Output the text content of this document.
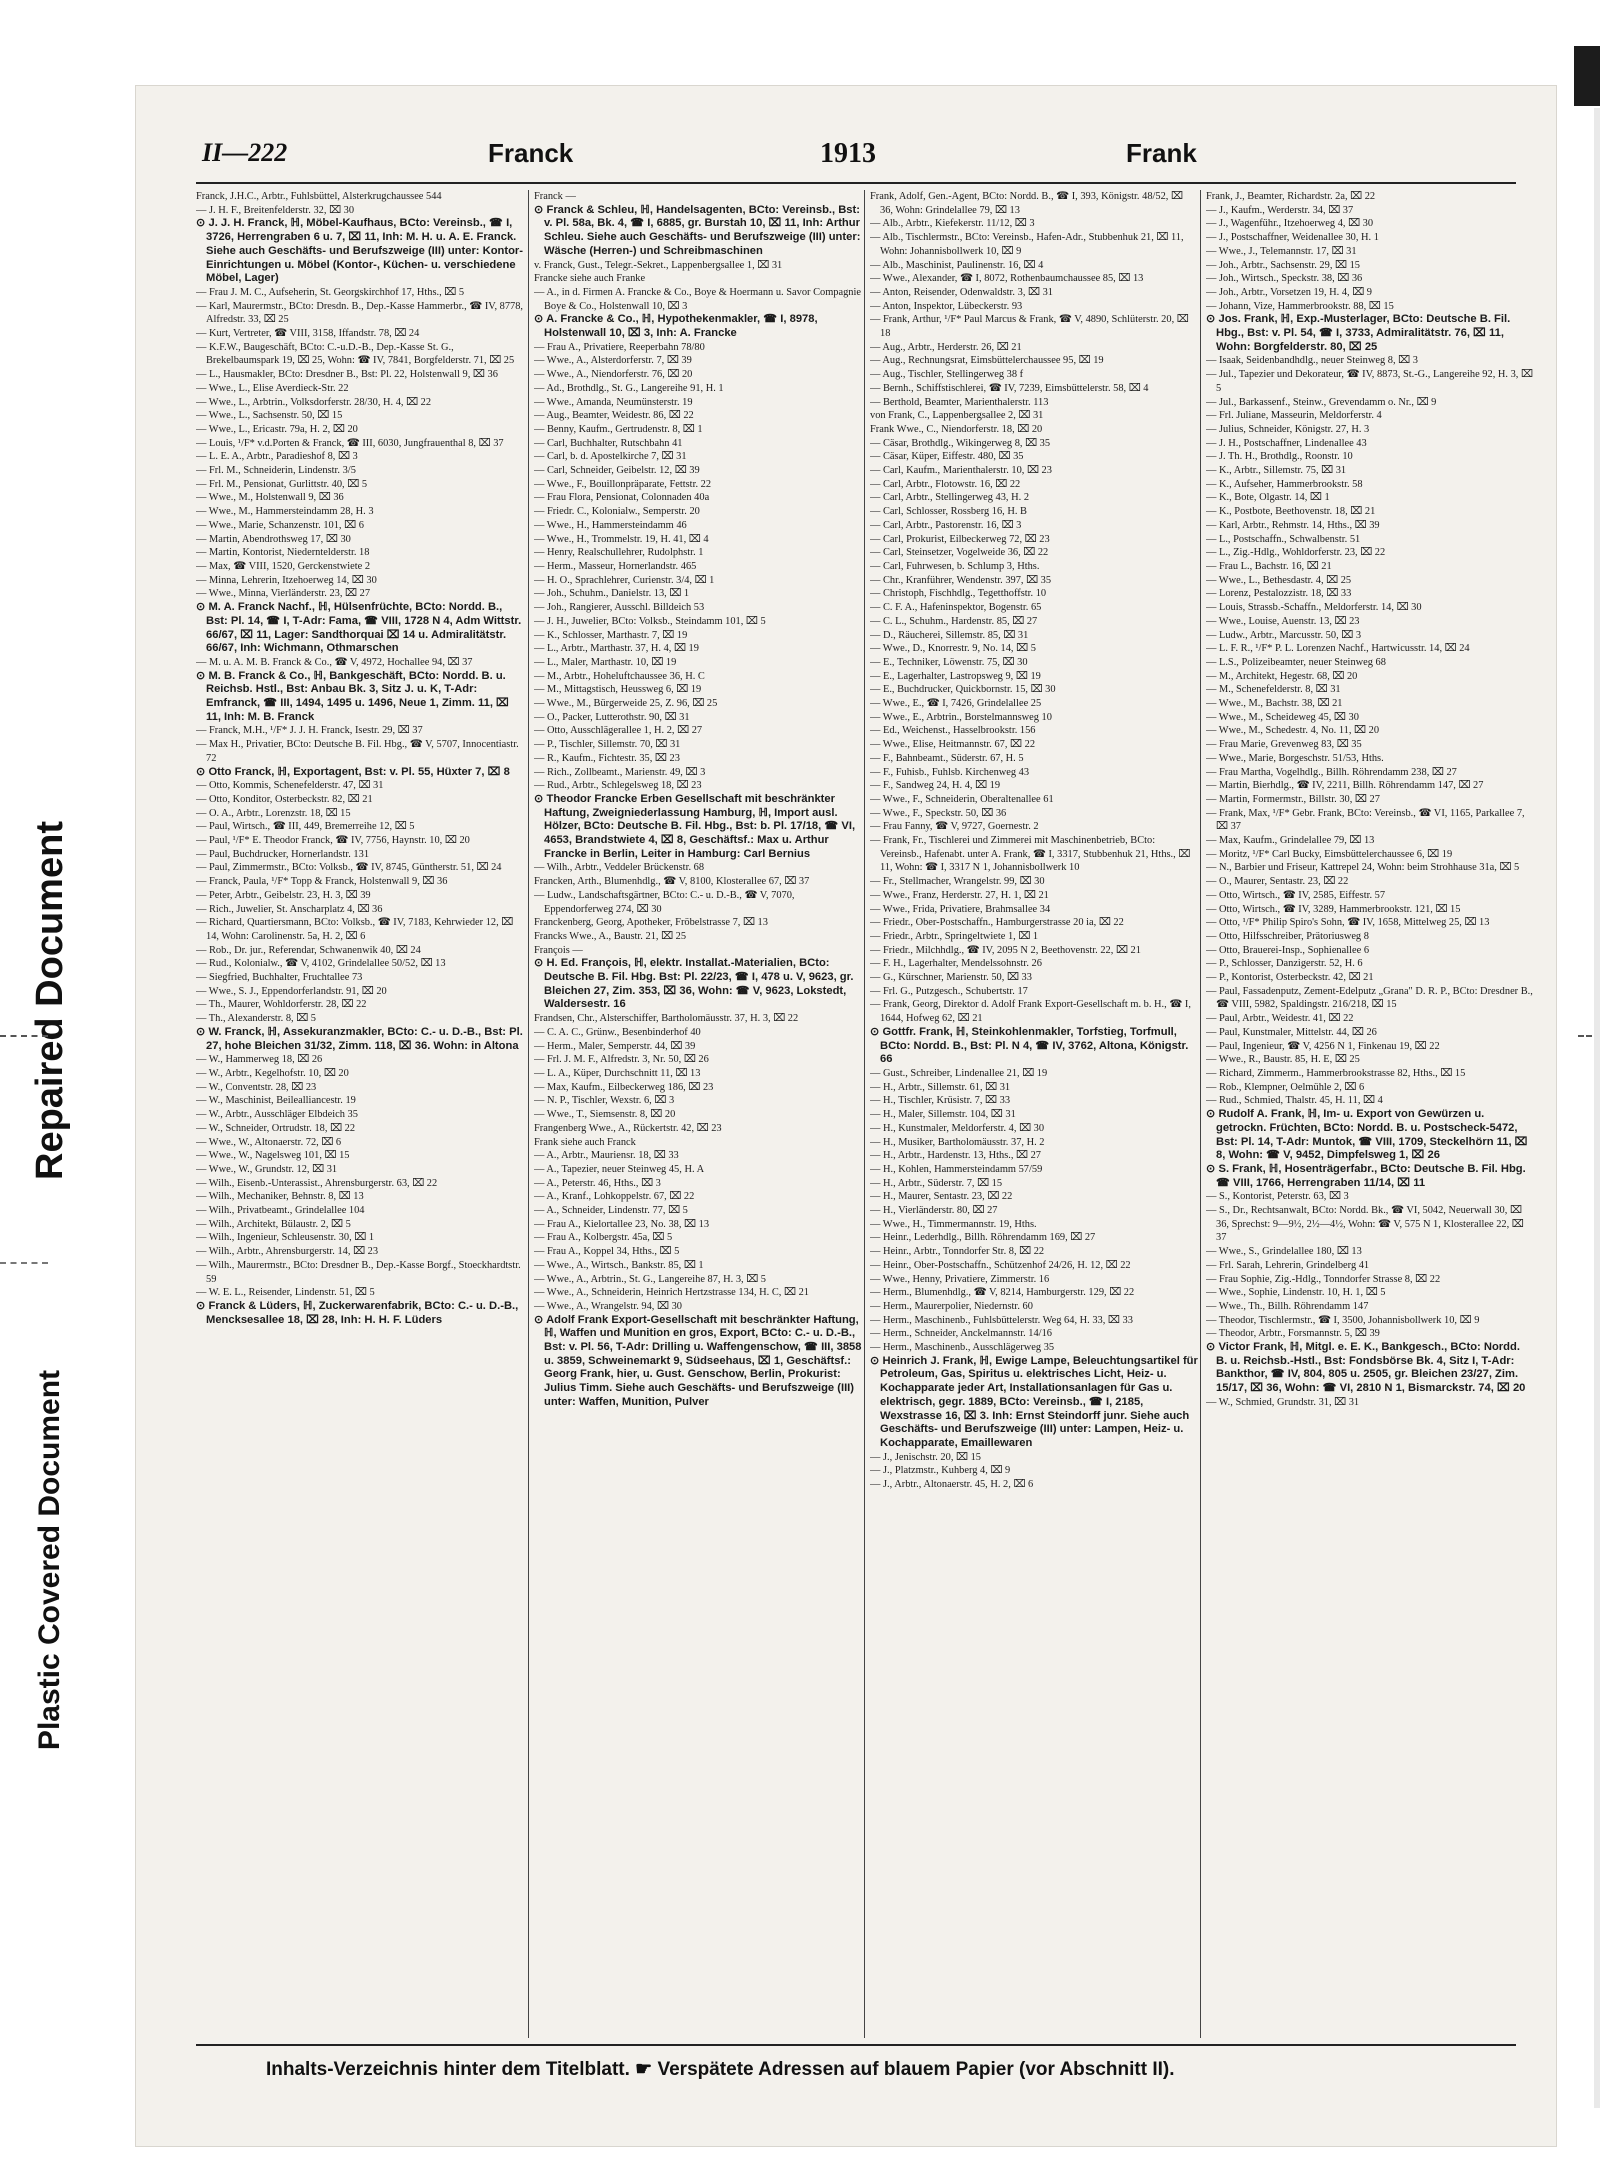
Repaired Document
Plastic Covered Document
II—222	Franck	1913	Frank

Franck, J.H.C., Arbtr., Fuhlsbüttel, Alsterkrugchaussee 544

— J. H. F., Breitenfelderstr. 32, ⌧ 30

⊙ J. J. H. Franck, ℍ, Möbel-Kaufhaus, BCto: Vereinsb., ☎ I, 3726, Herrengraben 6 u. 7, ⌧ 11, Inh: M. H. u. A. E. Franck. Siehe auch Geschäfts- und Berufszweige (III) unter: Kontor-Einrichtungen u. Möbel (Kontor-, Küchen- u. verschiedene Möbel, Lager)

— Frau J. M. C., Aufseherin, St. Georgskirchhof 17, Hths., ⌧ 5

— Karl, Maurermstr., BCto: Dresdn. B., Dep.-Kasse Hammerbr., ☎ IV, 8778, Alfredstr. 33, ⌧ 25

— Kurt, Vertreter, ☎ VIII, 3158, Iffandstr. 78, ⌧ 24

— K.F.W., Baugeschäft, BCto: C.-u.D.-B., Dep.-Kasse St. G., Brekelbaumspark 19, ⌧ 25, Wohn: ☎ IV, 7841, Borgfelderstr. 71, ⌧ 25

— L., Hausmakler, BCto: Dresdner B., Bst: Pl. 22, Holstenwall 9, ⌧ 36

— Wwe., L., Elise Averdieck-Str. 22

— Wwe., L., Arbtrin., Volksdorferstr. 28/30, H. 4, ⌧ 22

— Wwe., L., Sachsenstr. 50, ⌧ 15

— Wwe., L., Ericastr. 79a, H. 2, ⌧ 20

— Louis, ¹/F* v.d.Porten & Franck, ☎ III, 6030, Jungfrauenthal 8, ⌧ 37

— L. E. A., Arbtr., Paradieshof 8, ⌧ 3

— Frl. M., Schneiderin, Lindenstr. 3/5

— Frl. M., Pensionat, Gurlittstr. 40, ⌧ 5

— Wwe., M., Holstenwall 9, ⌧ 36

— Wwe., M., Hammersteindamm 28, H. 3

— Wwe., Marie, Schanzenstr. 101, ⌧ 6

— Martin, Abendrothsweg 17, ⌧ 30

— Martin, Kontorist, Niederntelderstr. 18

— Max, ☎ VIII, 1520, Gerckenstwiete 2

— Minna, Lehrerin, Itzehoerweg 14, ⌧ 30

— Wwe., Minna, Vierländerstr. 23, ⌧ 27

⊙ M. A. Franck Nachf., ℍ, Hülsenfrüchte, BCto: Nordd. B., Bst: Pl. 14, ☎ I, T-Adr: Fama, ☎ VIII, 1728 N 4, Adm Wittstr. 66/67, ⌧ 11, Lager: Sandthorquai ⌧ 14 u. Admiralitätstr. 66/67, Inh: Wichmann, Othmarschen

— M. u. A. M. B. Franck & Co., ☎ V, 4972, Hochallee 94, ⌧ 37

⊙ M. B. Franck & Co., ℍ, Bankgeschäft, BCto: Nordd. B. u. Reichsb. Hstl., Bst: Anbau Bk. 3, Sitz J. u. K, T-Adr: Emfranck, ☎ III, 1494, 1495 u. 1496, Neue 1, Zimm. 11, ⌧ 11, Inh: M. B. Franck

— Franck, M.H., ¹/F* J. J. H. Franck, Isestr. 29, ⌧ 37

— Max H., Privatier, BCto: Deutsche B. Fil. Hbg., ☎ V, 5707, Innocentiastr. 72

⊙ Otto Franck, ℍ, Exportagent, Bst: v. Pl. 55, Hüxter 7, ⌧ 8

— Otto, Kommis, Schenefelderstr. 47, ⌧ 31

— Otto, Konditor, Osterbeckstr. 82, ⌧ 21

— O. A., Arbtr., Lorenzstr. 18, ⌧ 15

— Paul, Wirtsch., ☎ III, 449, Bremerreihe 12, ⌧ 5

— Paul, ¹/F* E. Theodor Franck, ☎ IV, 7756, Haynstr. 10, ⌧ 20

— Paul, Buchdrucker, Hornerlandstr. 131

— Paul, Zimmermstr., BCto: Volksb., ☎ IV, 8745, Güntherstr. 51, ⌧ 24

— Franck, Paula, ¹/F* Topp & Franck, Holstenwall 9, ⌧ 36

— Peter, Arbtr., Geibelstr. 23, H. 3, ⌧ 39

— Rich., Juwelier, St. Anscharplatz 4, ⌧ 36

— Richard, Quartiersmann, BCto: Volksb., ☎ IV, 7183, Kehrwieder 12, ⌧ 14, Wohn: Carolinenstr. 5a, H. 2, ⌧ 6

— Rob., Dr. jur., Referendar, Schwanenwik 40, ⌧ 24

— Rud., Kolonialw., ☎ V, 4102, Grindelallee 50/52, ⌧ 13

— Siegfried, Buchhalter, Fruchtallee 73

— Wwe., S. J., Eppendorferlandstr. 91, ⌧ 20

— Th., Maurer, Wohldorferstr. 28, ⌧ 22

— Th., Alexanderstr. 8, ⌧ 5

⊙ W. Franck, ℍ, Assekuranzmakler, BCto: C.- u. D.-B., Bst: Pl. 27, hohe Bleichen 31/32, Zimm. 118, ⌧ 36. Wohn: in Altona

— W., Hammerweg 18, ⌧ 26

— W., Arbtr., Kegelhofstr. 10, ⌧ 20

— W., Conventstr. 28, ⌧ 23

— W., Maschinist, Beilealliancestr. 19

— W., Arbtr., Ausschläger Elbdeich 35

— W., Schneider, Ortrudstr. 18, ⌧ 22

— Wwe., W., Altonaerstr. 72, ⌧ 6

— Wwe., W., Nagelsweg 101, ⌧ 15

— Wwe., W., Grundstr. 12, ⌧ 31

— Wilh., Eisenb.-Unterassist., Ahrensburgerstr. 63, ⌧ 22

— Wilh., Mechaniker, Behnstr. 8, ⌧ 13

— Wilh., Privatbeamt., Grindelallee 104

— Wilh., Architekt, Bülaustr. 2, ⌧ 5

— Wilh., Ingenieur, Schleusenstr. 30, ⌧ 1

— Wilh., Arbtr., Ahrensburgerstr. 14, ⌧ 23

— Wilh., Maurermstr., BCto: Dresdner B., Dep.-Kasse Borgf., Stoeckhardtstr. 59

— W. E. L., Reisender, Lindenstr. 51, ⌧ 5

⊙ Franck & Lüders, ℍ, Zuckerwarenfabrik, BCto: C.- u. D.-B., Mencksesallee 18, ⌧ 28, Inh: H. H. F. Lüders

Franck —

⊙ Franck & Schleu, ℍ, Handelsagenten, BCto: Vereinsb., Bst: v. Pl. 58a, Bk. 4, ☎ I, 6885, gr. Burstah 10, ⌧ 11, Inh: Arthur Schleu. Siehe auch Geschäfts- und Berufszweige (III) unter: Wäsche (Herren-) und Schreibmaschinen

v. Franck, Gust., Telegr.-Sekret., Lappenbergsallee 1, ⌧ 31

Francke siehe auch Franke

— A., in d. Firmen A. Francke & Co., Boye & Hoermann u. Savor Compagnie Boye & Co., Holstenwall 10, ⌧ 3

⊙ A. Francke & Co., ℍ, Hypothekenmakler, ☎ I, 8978, Holstenwall 10, ⌧ 3, Inh: A. Francke

— Frau A., Privatiere, Reeperbahn 78/80

— Wwe., A., Alsterdorferstr. 7, ⌧ 39

— Wwe., A., Niendorferstr. 76, ⌧ 20

— Ad., Brothdlg., St. G., Langereihe 91, H. 1

— Wwe., Amanda, Neumünsterstr. 19

— Aug., Beamter, Weidestr. 86, ⌧ 22

— Benny, Kaufm., Gertrudenstr. 8, ⌧ 1

— Carl, Buchhalter, Rutschbahn 41

— Carl, b. d. Apostelkirche 7, ⌧ 31

— Carl, Schneider, Geibelstr. 12, ⌧ 39

— Wwe., F., Bouillonpräparate, Fettstr. 22

— Frau Flora, Pensionat, Colonnaden 40a

— Friedr. C., Kolonialw., Semperstr. 20

— Wwe., H., Hammersteindamm 46

— Wwe., H., Trommelstr. 19, H. 41, ⌧ 4

— Henry, Realschullehrer, Rudolphstr. 1

— Herm., Masseur, Hornerlandstr. 465

— H. O., Sprachlehrer, Curienstr. 3/4, ⌧ 1

— Joh., Schuhm., Danielstr. 13, ⌧ 1

— Joh., Rangierer, Ausschl. Billdeich 53

— J. H., Juwelier, BCto: Volksb., Steindamm 101, ⌧ 5

— K., Schlosser, Marthastr. 7, ⌧ 19

— L., Arbtr., Marthastr. 37, H. 4, ⌧ 19

— L., Maler, Marthastr. 10, ⌧ 19

— M., Arbtr., Hoheluftchaussee 36, H. C

— M., Mittagstisch, Heussweg 6, ⌧ 19

— Wwe., M., Bürgerweide 25, Z. 96, ⌧ 25

— O., Packer, Lutterothstr. 90, ⌧ 31

— Otto, Ausschlägerallee 1, H. 2, ⌧ 27

— P., Tischler, Sillemstr. 70, ⌧ 31

— R., Kaufm., Fichtestr. 35, ⌧ 23

— Rich., Zollbeamt., Marienstr. 49, ⌧ 3

— Rud., Arbtr., Schlegelsweg 18, ⌧ 23

⊙ Theodor Francke Erben Gesellschaft mit beschränkter Haftung, Zweigniederlassung Hamburg, ℍ, Import ausl. Hölzer, BCto: Deutsche B. Fil. Hbg., Bst: b. Pl. 17/18, ☎ VI, 4653, Brandstwiete 4, ⌧ 8, Geschäftsf.: Max u. Arthur Francke in Berlin, Leiter in Hamburg: Carl Bernius

— Wilh., Arbtr., Veddeler Brückenstr. 68

Francken, Arth., Blumenhdlg., ☎ V, 8100, Klosterallee 67, ⌧ 37

— Ludw., Landschaftsgärtner, BCto: C.- u. D.-B., ☎ V, 7070, Eppendorferweg 274, ⌧ 30

Franckenberg, Georg, Apotheker, Fröbelstrasse 7, ⌧ 13

Francks Wwe., A., Baustr. 21, ⌧ 25

François —

⊙ H. Ed. François, ℍ, elektr. Installat.-Materialien, BCto: Deutsche B. Fil. Hbg. Bst: Pl. 22/23, ☎ I, 478 u. V, 9623, gr. Bleichen 27, Zim. 353, ⌧ 36, Wohn: ☎ V, 9623, Lokstedt, Waldersestr. 16

Frandsen, Chr., Alsterschiffer, Bartholomäusstr. 37, H. 3, ⌧ 22

— C. A. C., Grünw., Besenbinderhof 40

— Herm., Maler, Semperstr. 44, ⌧ 39

— Frl. J. M. F., Alfredstr. 3, Nr. 50, ⌧ 26

— L. A., Küper, Durchschnitt 11, ⌧ 13

— Max, Kaufm., Eilbeckerweg 186, ⌧ 23

— N. P., Tischler, Wexstr. 6, ⌧ 3

— Wwe., T., Siemsenstr. 8, ⌧ 20

Frangenberg Wwe., A., Rückertstr. 42, ⌧ 23

Frank siehe auch Franck

— A., Arbtr., Mauriensr. 18, ⌧ 33

— A., Tapezier, neuer Steinweg 45, H. A

— A., Peterstr. 46, Hths., ⌧ 3

— A., Kranf., Lohkoppelstr. 67, ⌧ 22

— A., Schneider, Lindenstr. 77, ⌧ 5

— Frau A., Kielortallee 23, No. 38, ⌧ 13

— Frau A., Kolbergstr. 45a, ⌧ 5

— Frau A., Koppel 34, Hths., ⌧ 5

— Wwe., A., Wirtsch., Bankstr. 85, ⌧ 1

— Wwe., A., Arbtrin., St. G., Langereihe 87, H. 3, ⌧ 5

— Wwe., A., Schneiderin, Heinrich Hertzstrasse 134, H. C, ⌧ 21

— Wwe., A., Wrangelstr. 94, ⌧ 30

⊙ Adolf Frank Export-Gesellschaft mit beschränkter Haftung, ℍ, Waffen und Munition en gros, Export, BCto: C.- u. D.-B., Bst: v. Pl. 56, T-Adr: Drilling u. Waffengenschow, ☎ III, 3858 u. 3859, Schweinemarkt 9, Südseehaus, ⌧ 1, Geschäftsf.: Georg Frank, hier, u. Gust. Genschow, Berlin, Prokurist: Julius Timm. Siehe auch Geschäfts- und Berufszweige (III) unter: Waffen, Munition, Pulver

Frank, Adolf, Gen.-Agent, BCto: Nordd. B., ☎ I, 393, Königstr. 48/52, ⌧ 36, Wohn: Grindelallee 79, ⌧ 13

— Alb., Arbtr., Kiefekerstr. 11/12, ⌧ 3

— Alb., Tischlermstr., BCto: Vereinsb., Hafen-Adr., Stubbenhuk 21, ⌧ 11, Wohn: Johannisbollwerk 10, ⌧ 9

— Alb., Maschinist, Paulinenstr. 16, ⌧ 4

— Wwe., Alexander, ☎ I, 8072, Rothenbaumchaussee 85, ⌧ 13

— Anton, Reisender, Odenwaldstr. 3, ⌧ 31

— Anton, Inspektor, Lübeckerstr. 93

— Frank, Arthur, ¹/F* Paul Marcus & Frank, ☎ V, 4890, Schlüterstr. 20, ⌧ 18

— Aug., Arbtr., Herderstr. 26, ⌧ 21

— Aug., Rechnungsrat, Eimsbüttelerchaussee 95, ⌧ 19

— Aug., Tischler, Stellingerweg 38 f

— Bernh., Schiffstischlerei, ☎ IV, 7239, Eimsbüttelerstr. 58, ⌧ 4

— Berthold, Beamter, Marienthalerstr. 113

von Frank, C., Lappenbergsallee 2, ⌧ 31

Frank Wwe., C., Niendorferstr. 18, ⌧ 20

— Cäsar, Brothdlg., Wikingerweg 8, ⌧ 35

— Cäsar, Küper, Eiffestr. 480, ⌧ 35

— Carl, Kaufm., Marienthalerstr. 10, ⌧ 23

— Carl, Arbtr., Flotowstr. 16, ⌧ 22

— Carl, Arbtr., Stellingerweg 43, H. 2

— Carl, Schlosser, Rossberg 16, H. B

— Carl, Arbtr., Pastorenstr. 16, ⌧ 3

— Carl, Prokurist, Eilbeckerweg 72, ⌧ 23

— Carl, Steinsetzer, Vogelweide 36, ⌧ 22

— Carl, Fuhrwesen, b. Schlump 3, Hths.

— Chr., Kranführer, Wendenstr. 397, ⌧ 35

— Christoph, Fischhdlg., Tegetthoffstr. 10

— C. F. A., Hafeninspektor, Bogenstr. 65

— C. L., Schuhm., Hardenstr. 85, ⌧ 27

— D., Räucherei, Sillemstr. 85, ⌧ 31

— Wwe., D., Knorrestr. 9, No. 14, ⌧ 5

— E., Techniker, Löwenstr. 75, ⌧ 30

— E., Lagerhalter, Lastropsweg 9, ⌧ 19

— E., Buchdrucker, Quickbornstr. 15, ⌧ 30

— Wwe., E., ☎ I, 7426, Grindelallee 25

— Wwe., E., Arbtrin., Borstelmannsweg 10

— Ed., Weichenst., Hasselbrookstr. 156

— Wwe., Elise, Heitmannstr. 67, ⌧ 22

— F., Bahnbeamt., Süderstr. 67, H. 5

— F., Fuhisb., Fuhlsb. Kirchenweg 43

— F., Sandweg 24, H. 4, ⌧ 19

— Wwe., F., Schneiderin, Oberaltenallee 61

— Wwe., F., Speckstr. 50, ⌧ 36

— Frau Fanny, ☎ V, 9727, Goernestr. 2

— Frank, Fr., Tischlerei und Zimmerei mit Maschinenbetrieb, BCto: Vereinsb., Hafenabt. unter A. Frank, ☎ I, 3317, Stubbenhuk 21, Hths., ⌧ 11, Wohn: ☎ I, 3317 N 1, Johannisbollwerk 10

— Fr., Stellmacher, Wrangelstr. 99, ⌧ 30

— Wwe., Franz, Herderstr. 27, H. 1, ⌧ 21

— Wwe., Frida, Privatiere, Brahmsallee 34

— Friedr., Ober-Postschaffn., Hamburgerstrasse 20 ia, ⌧ 22

— Friedr., Arbtr., Springeltwiete 1, ⌧ 1

— Friedr., Milchhdlg., ☎ IV, 2095 N 2, Beethovenstr. 22, ⌧ 21

— F. H., Lagerhalter, Mendelssohnstr. 26

— G., Kürschner, Marienstr. 50, ⌧ 33

— Frl. G., Putzgesch., Schubertstr. 17

— Frank, Georg, Direktor d. Adolf Frank Export-Gesellschaft m. b. H., ☎ I, 1644, Hofweg 62, ⌧ 21

⊙ Gottfr. Frank, ℍ, Steinkohlenmakler, Torfstieg, Torfmull, BCto: Nordd. B., Bst: Pl. N 4, ☎ IV, 3762, Altona, Königstr. 66

— Gust., Schreiber, Lindenallee 21, ⌧ 19

— H., Arbtr., Sillemstr. 61, ⌧ 31

— H., Tischler, Krüsistr. 7, ⌧ 33

— H., Maler, Sillemstr. 104, ⌧ 31

— H., Kunstmaler, Meldorferstr. 4, ⌧ 30

— H., Musiker, Bartholomäusstr. 37, H. 2

— H., Arbtr., Hardenstr. 13, Hths., ⌧ 27

— H., Kohlen, Hammersteindamm 57/59

— H., Arbtr., Süderstr. 7, ⌧ 15

— H., Maurer, Sentastr. 23, ⌧ 22

— H., Vierländerstr. 80, ⌧ 27

— Wwe., H., Timmermannstr. 19, Hths.

— Heinr., Lederhdlg., Billh. Röhrendamm 169, ⌧ 27

— Heinr., Arbtr., Tonndorfer Str. 8, ⌧ 22

— Heinr., Ober-Postschaffn., Schützenhof 24/26, H. 12, ⌧ 22

— Wwe., Henny, Privatiere, Zimmerstr. 16

— Herm., Blumenhdlg., ☎ V, 8214, Hamburgerstr. 129, ⌧ 22

— Herm., Maurerpolier, Niedernstr. 60

— Herm., Maschinenb., Fuhlsbüttelerstr. Weg 64, H. 33, ⌧ 33

— Herm., Schneider, Anckelmannstr. 14/16

— Herm., Maschinenb., Ausschlägerweg 35

⊙ Heinrich J. Frank, ℍ, Ewige Lampe, Beleuchtungsartikel für Petroleum, Gas, Spiritus u. elektrisches Licht, Heiz- u. Kochapparate jeder Art, Installationsanlagen für Gas u. elektrisch, gegr. 1889, BCto: Vereinsb., ☎ I, 2185, Wexstrasse 16, ⌧ 3. Inh: Ernst Steindorff junr. Siehe auch Geschäfts- und Berufszweige (III) unter: Lampen, Heiz- u. Kochapparate, Emaillewaren

— J., Jenischstr. 20, ⌧ 15

— J., Platzmstr., Kuhberg 4, ⌧ 9

— J., Arbtr., Altonaerstr. 45, H. 2, ⌧ 6

Frank, J., Beamter, Richardstr. 2a, ⌧ 22

— J., Kaufm., Werderstr. 34, ⌧ 37

— J., Wagenführ., Itzehoerweg 4, ⌧ 30

— J., Postschaffner, Weidenallee 30, H. 1

— Wwe., J., Telemannstr. 17, ⌧ 31

— Joh., Arbtr., Sachsenstr. 29, ⌧ 15

— Joh., Wirtsch., Speckstr. 38, ⌧ 36

— Joh., Arbtr., Vorsetzen 19, H. 4, ⌧ 9

— Johann, Vize, Hammerbrookstr. 88, ⌧ 15

⊙ Jos. Frank, ℍ, Exp.-Musterlager, BCto: Deutsche B. Fil. Hbg., Bst: v. Pl. 54, ☎ I, 3733, Admiralitätstr. 76, ⌧ 11, Wohn: Borgfelderstr. 80, ⌧ 25

— Isaak, Seidenbandhdlg., neuer Steinweg 8, ⌧ 3

— Jul., Tapezier und Dekorateur, ☎ IV, 8873, St.-G., Langereihe 92, H. 3, ⌧ 5

— Jul., Barkassenf., Steinw., Grevendamm o. Nr., ⌧ 9

— Frl. Juliane, Masseurin, Meldorferstr. 4

— Julius, Schneider, Königstr. 27, H. 3

— J. H., Postschaffner, Lindenallee 43

— J. Th. H., Brothdlg., Roonstr. 10

— K., Arbtr., Sillemstr. 75, ⌧ 31

— K., Aufseher, Hammerbrookstr. 58

— K., Bote, Olgastr. 14, ⌧ 1

— K., Postbote, Beethovenstr. 18, ⌧ 21

— Karl, Arbtr., Rehmstr. 14, Hths., ⌧ 39

— L., Postschaffn., Schwalbenstr. 51

— L., Zig.-Hdlg., Wohldorferstr. 23, ⌧ 22

— Frau L., Bachstr. 16, ⌧ 21

— Wwe., L., Bethesdastr. 4, ⌧ 25

— Lorenz, Pestalozzistr. 18, ⌧ 33

— Louis, Strassb.-Schaffn., Meldorferstr. 14, ⌧ 30

— Wwe., Louise, Auenstr. 13, ⌧ 23

— Ludw., Arbtr., Marcusstr. 50, ⌧ 3

— L. F. R., ¹/F* P. L. Lorenzen Nachf., Hartwicusstr. 14, ⌧ 24

— L.S., Polizeibeamter, neuer Steinweg 68

— M., Architekt, Hegestr. 68, ⌧ 20

— M., Schenefelderstr. 8, ⌧ 31

— Wwe., M., Bachstr. 38, ⌧ 21

— Wwe., M., Scheideweg 45, ⌧ 30

— Wwe., M., Schedestr. 4, No. 11, ⌧ 20

— Frau Marie, Grevenweg 83, ⌧ 35

— Wwe., Marie, Borgeschstr. 51/53, Hths.

— Frau Martha, Vogelhdlg., Billh. Röhrendamm 238, ⌧ 27

— Martin, Bierhdlg., ☎ IV, 2211, Billh. Röhrendamm 147, ⌧ 27

— Martin, Formermstr., Billstr. 30, ⌧ 27

— Frank, Max, ¹/F* Gebr. Frank, BCto: Vereinsb., ☎ VI, 1165, Parkallee 7, ⌧ 37

— Max, Kaufm., Grindelallee 79, ⌧ 13

— Moritz, ¹/F* Carl Bucky, Eimsbüttelerchaussee 6, ⌧ 19

— N., Barbier und Friseur, Kattrepel 24, Wohn: beim Strohhause 31a, ⌧ 5

— O., Maurer, Sentastr. 23, ⌧ 22

— Otto, Wirtsch., ☎ IV, 2585, Eiffestr. 57

— Otto, Wirtsch., ☎ IV, 3289, Hammerbrookstr. 121, ⌧ 15

— Otto, ¹/F* Philip Spiro's Sohn, ☎ IV, 1658, Mittelweg 25, ⌧ 13

— Otto, Hilfsschreiber, Prätoriusweg 8

— Otto, Brauerei-Insp., Sophienallee 6

— P., Schlosser, Danzigerstr. 52, H. 6

— P., Kontorist, Osterbeckstr. 42, ⌧ 21

— Paul, Fassadenputz, Zement-Edelputz „Grana" D. R. P., BCto: Dresdner B., ☎ VIII, 5982, Spaldingstr. 216/218, ⌧ 15

— Paul, Arbtr., Weidestr. 41, ⌧ 22

— Paul, Kunstmaler, Mittelstr. 44, ⌧ 26

— Paul, Ingenieur, ☎ V, 4256 N 1, Finkenau 19, ⌧ 22

— Wwe., R., Baustr. 85, H. E, ⌧ 25

— Richard, Zimmerm., Hammerbrookstrasse 82, Hths., ⌧ 15

— Rob., Klempner, Oelmühle 2, ⌧ 6

— Rud., Schmied, Thalstr. 45, H. 11, ⌧ 4

⊙ Rudolf A. Frank, ℍ, Im- u. Export von Gewürzen u. getrockn. Früchten, BCto: Nordd. B. u. Postscheck-5472, Bst: Pl. 14, T-Adr: Muntok, ☎ VIII, 1709, Steckelhörn 11, ⌧ 8, Wohn: ☎ V, 9452, Dimpfelsweg 1, ⌧ 26

⊙ S. Frank, ℍ, Hosenträgerfabr., BCto: Deutsche B. Fil. Hbg. ☎ VIII, 1766, Herrengraben 11/14, ⌧ 11

— S., Kontorist, Peterstr. 63, ⌧ 3

— S., Dr., Rechtsanwalt, BCto: Nordd. Bk., ☎ VI, 5042, Neuerwall 30, ⌧ 36, Sprechst: 9—9½, 2½—4½, Wohn: ☎ V, 575 N 1, Klosterallee 22, ⌧ 37

— Wwe., S., Grindelallee 180, ⌧ 13

— Frl. Sarah, Lehrerin, Grindelberg 41

— Frau Sophie, Zig.-Hdlg., Tonndorfer Strasse 8, ⌧ 22

— Wwe., Sophie, Lindenstr. 10, H. 1, ⌧ 5

— Wwe., Th., Billh. Röhrendamm 147

— Theodor, Tischlermstr., ☎ I, 3500, Johannisbollwerk 10, ⌧ 9

— Theodor, Arbtr., Forsmannstr. 5, ⌧ 39

⊙ Victor Frank, ℍ, Mitgl. e. E. K., Bankgesch., BCto: Nordd. B. u. Reichsb.-Hstl., Bst: Fondsbörse Bk. 4, Sitz I, T-Adr: Bankthor, ☎ IV, 804, 805 u. 2505, gr. Bleichen 23/27, Zim. 15/17, ⌧ 36, Wohn: ☎ VI, 2810 N 1, Bismarckstr. 74, ⌧ 20

— W., Schmied, Grundstr. 31, ⌧ 31

Inhalts-Verzeichnis hinter dem Titelblatt. ☛ Verspätete Adressen auf blauem Papier (vor Abschnitt II).
